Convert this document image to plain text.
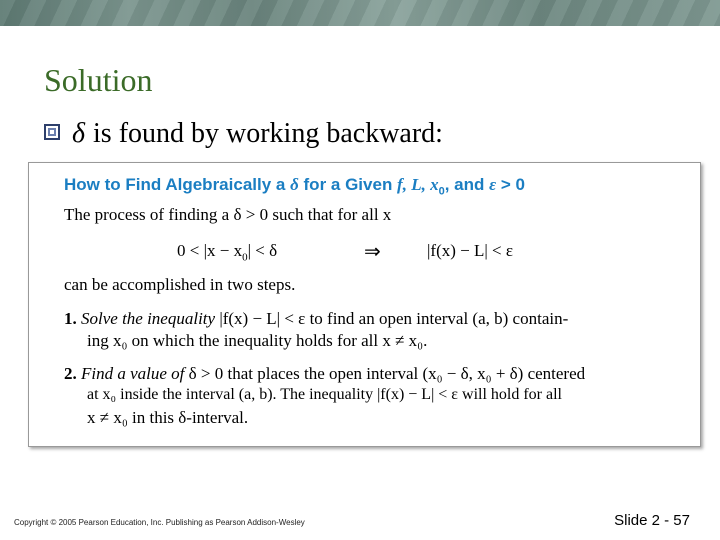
Solution
δ is found by working backward:
How to Find Algebraically a δ for a Given f, L, $x_0$, and ε > 0
The process of finding a δ > 0 such that for all x
$0 < |x - x_0| < \delta$	⇒	|f(x) − L| < ε
can be accomplished in two steps.
1. Solve the inequality |f(x) − L| < ε to find an open interval (a, b) contain-
ing x₀ on which the inequality holds for all x ≠ x₀.
2. Find a value of δ > 0 that places the open interval (x₀ − δ, x₀ + δ) centered
at x₀ inside the interval (a, b). The inequality |f(x) − L| < ε will hold for all
x ≠ x₀ in this δ-interval.
Copyright © 2005 Pearson Education, Inc. Publishing as Pearson Addison-Wesley	Slide 2 - 57
